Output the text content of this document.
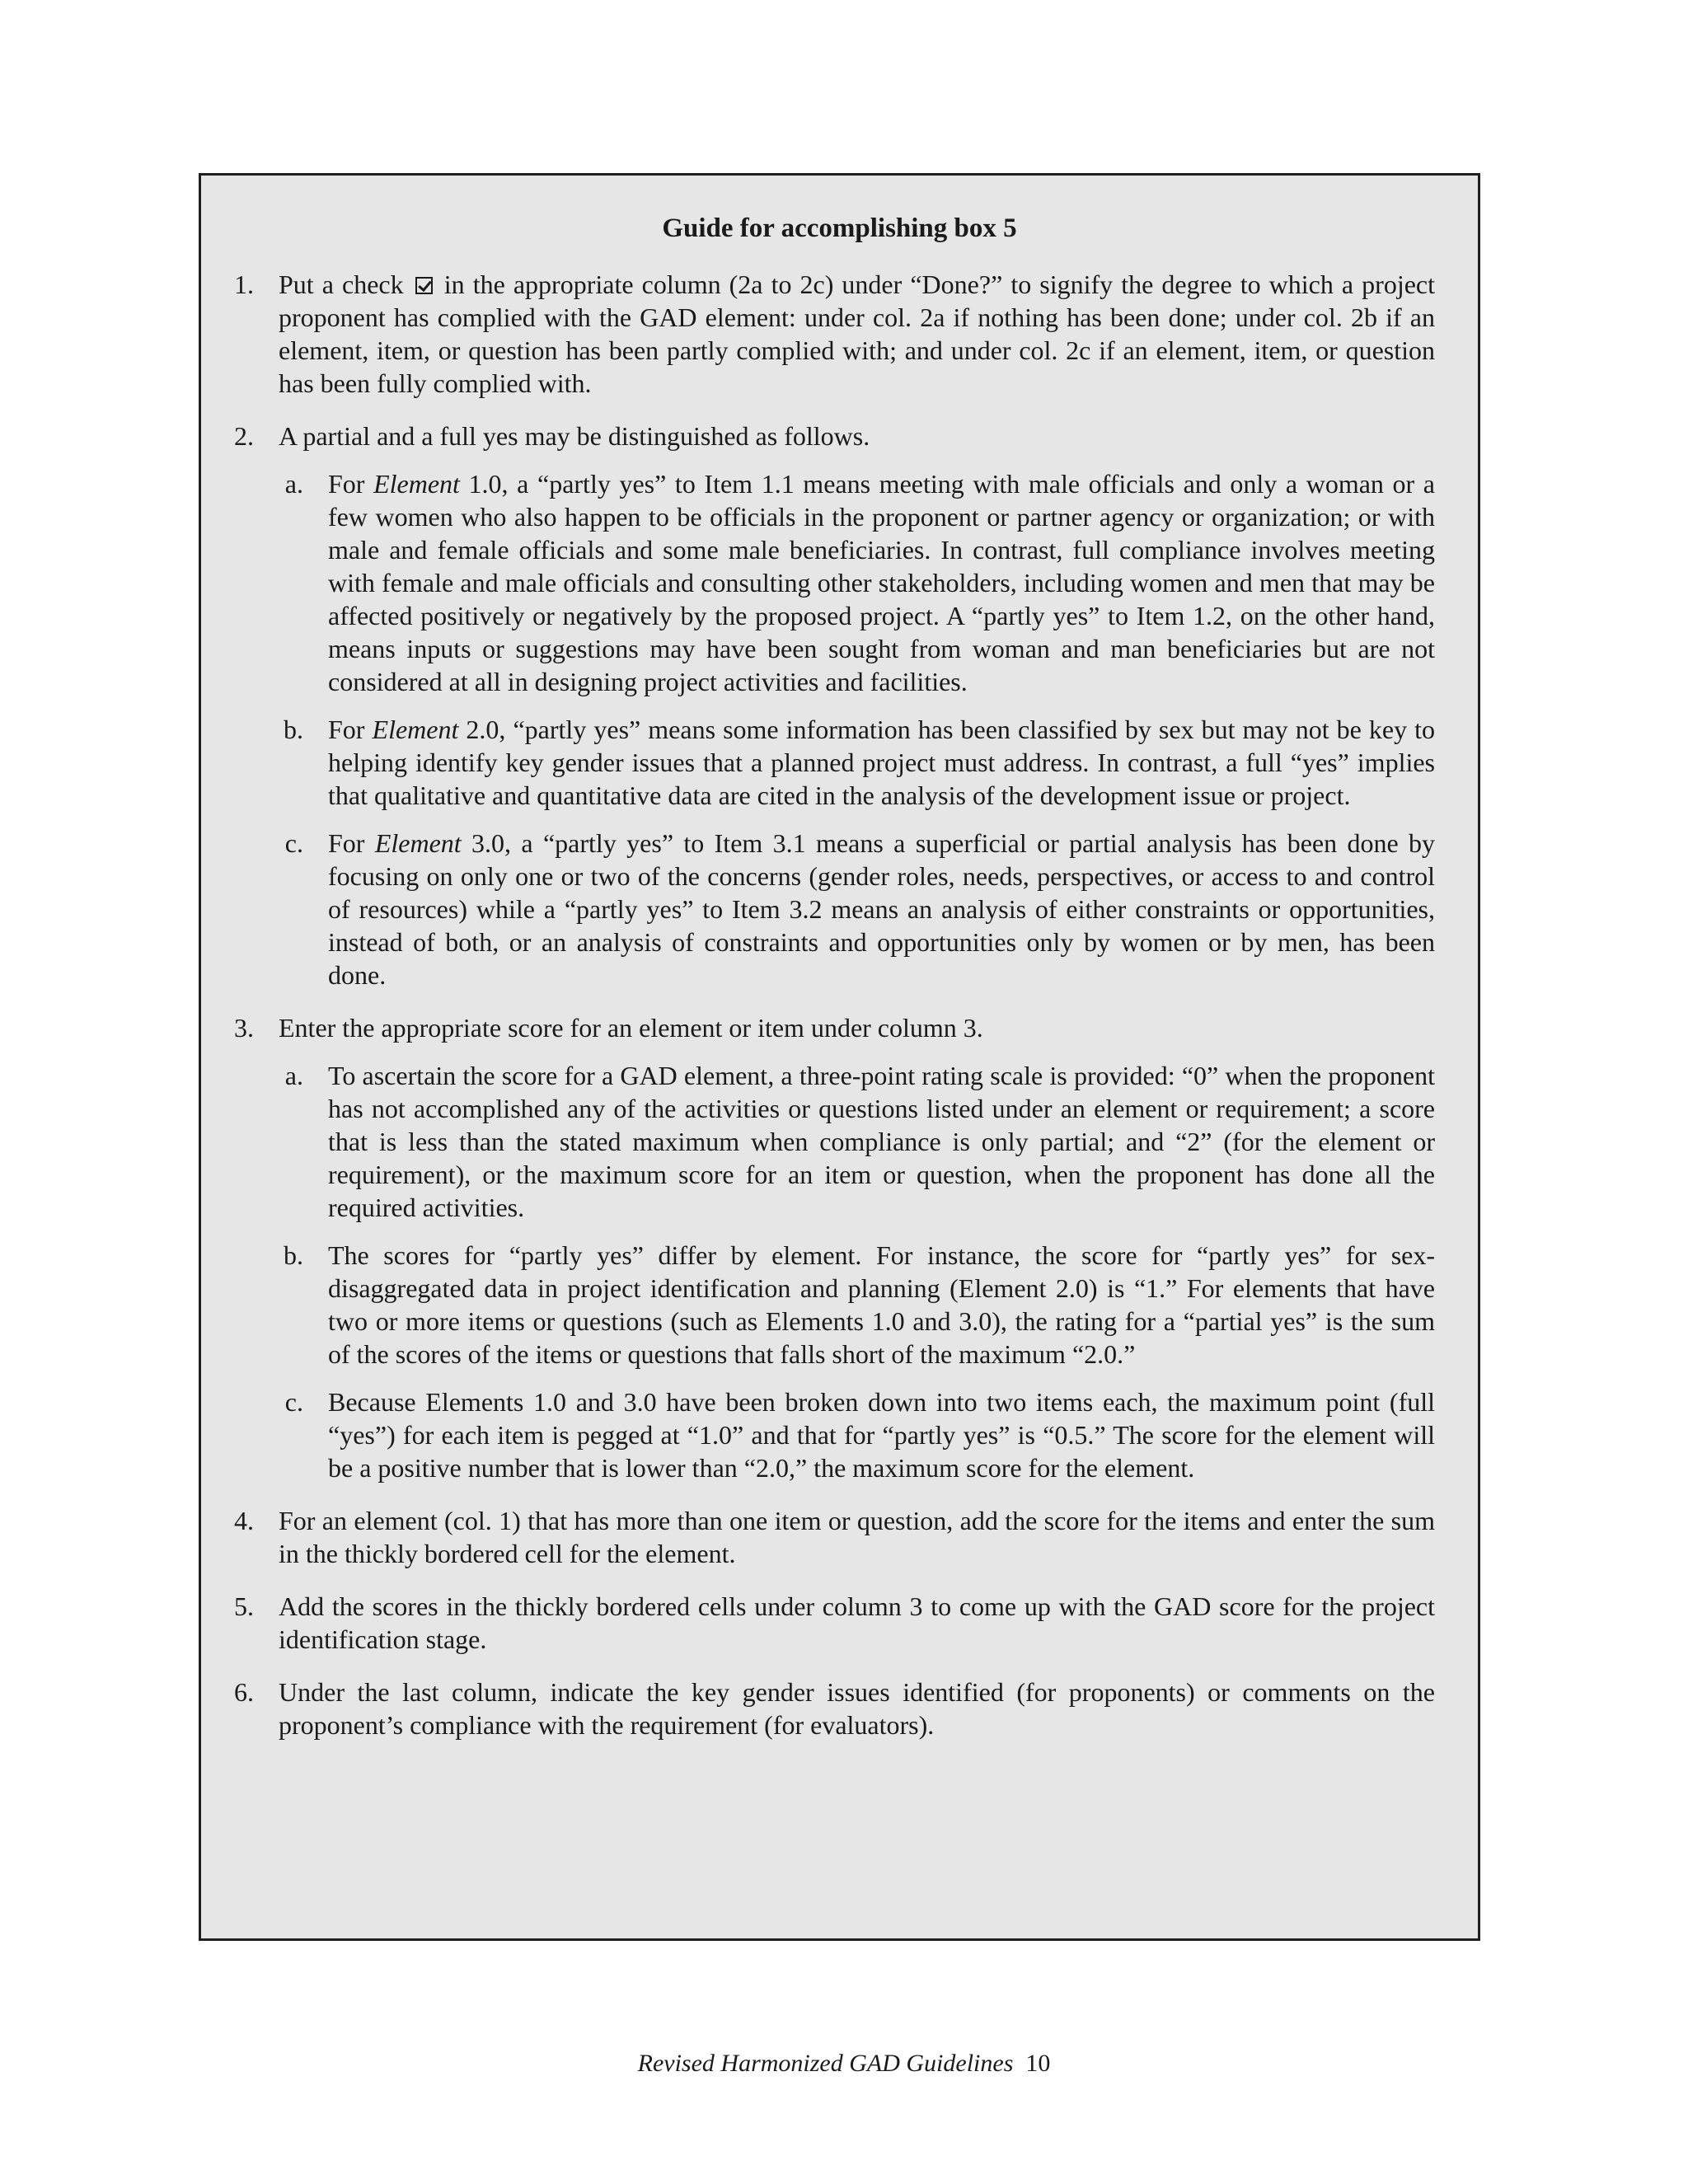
Guide for accomplishing box 5
1. Put a check in the appropriate column (2a to 2c) under “Done?” to signify the degree to which a project proponent has complied with the GAD element: under col. 2a if nothing has been done; under col. 2b if an element, item, or question has been partly complied with; and under col. 2c if an element, item, or question has been fully complied with.
2. A partial and a full yes may be distinguished as follows.
a. For Element 1.0, a “partly yes” to Item 1.1 means meeting with male officials and only a woman or a few women who also happen to be officials in the proponent or partner agency or organization; or with male and female officials and some male beneficiaries. In contrast, full compliance involves meeting with female and male officials and consulting other stakeholders, including women and men that may be affected positively or negatively by the proposed project. A “partly yes” to Item 1.2, on the other hand, means inputs or suggestions may have been sought from woman and man beneficiaries but are not considered at all in designing project activities and facilities.
b. For Element 2.0, “partly yes” means some information has been classified by sex but may not be key to helping identify key gender issues that a planned project must address. In contrast, a full “yes” implies that qualitative and quantitative data are cited in the analysis of the development issue or project.
c. For Element 3.0, a “partly yes” to Item 3.1 means a superficial or partial analysis has been done by focusing on only one or two of the concerns (gender roles, needs, perspectives, or access to and control of resources) while a “partly yes” to Item 3.2 means an analysis of either constraints or opportunities, instead of both, or an analysis of constraints and opportunities only by women or by men, has been done.
3. Enter the appropriate score for an element or item under column 3.
a. To ascertain the score for a GAD element, a three-point rating scale is provided: “0” when the proponent has not accomplished any of the activities or questions listed under an element or requirement; a score that is less than the stated maximum when compliance is only partial; and “2” (for the element or requirement), or the maximum score for an item or question, when the proponent has done all the required activities.
b. The scores for “partly yes” differ by element. For instance, the score for “partly yes” for sex-disaggregated data in project identification and planning (Element 2.0) is “1.” For elements that have two or more items or questions (such as Elements 1.0 and 3.0), the rating for a “partial yes” is the sum of the scores of the items or questions that falls short of the maximum “2.0.”
c. Because Elements 1.0 and 3.0 have been broken down into two items each, the maximum point (full “yes”) for each item is pegged at “1.0” and that for “partly yes” is “0.5.” The score for the element will be a positive number that is lower than “2.0,” the maximum score for the element.
4. For an element (col. 1) that has more than one item or question, add the score for the items and enter the sum in the thickly bordered cell for the element.
5. Add the scores in the thickly bordered cells under column 3 to come up with the GAD score for the project identification stage.
6. Under the last column, indicate the key gender issues identified (for proponents) or comments on the proponent’s compliance with the requirement (for evaluators).
Revised Harmonized GAD Guidelines 10
